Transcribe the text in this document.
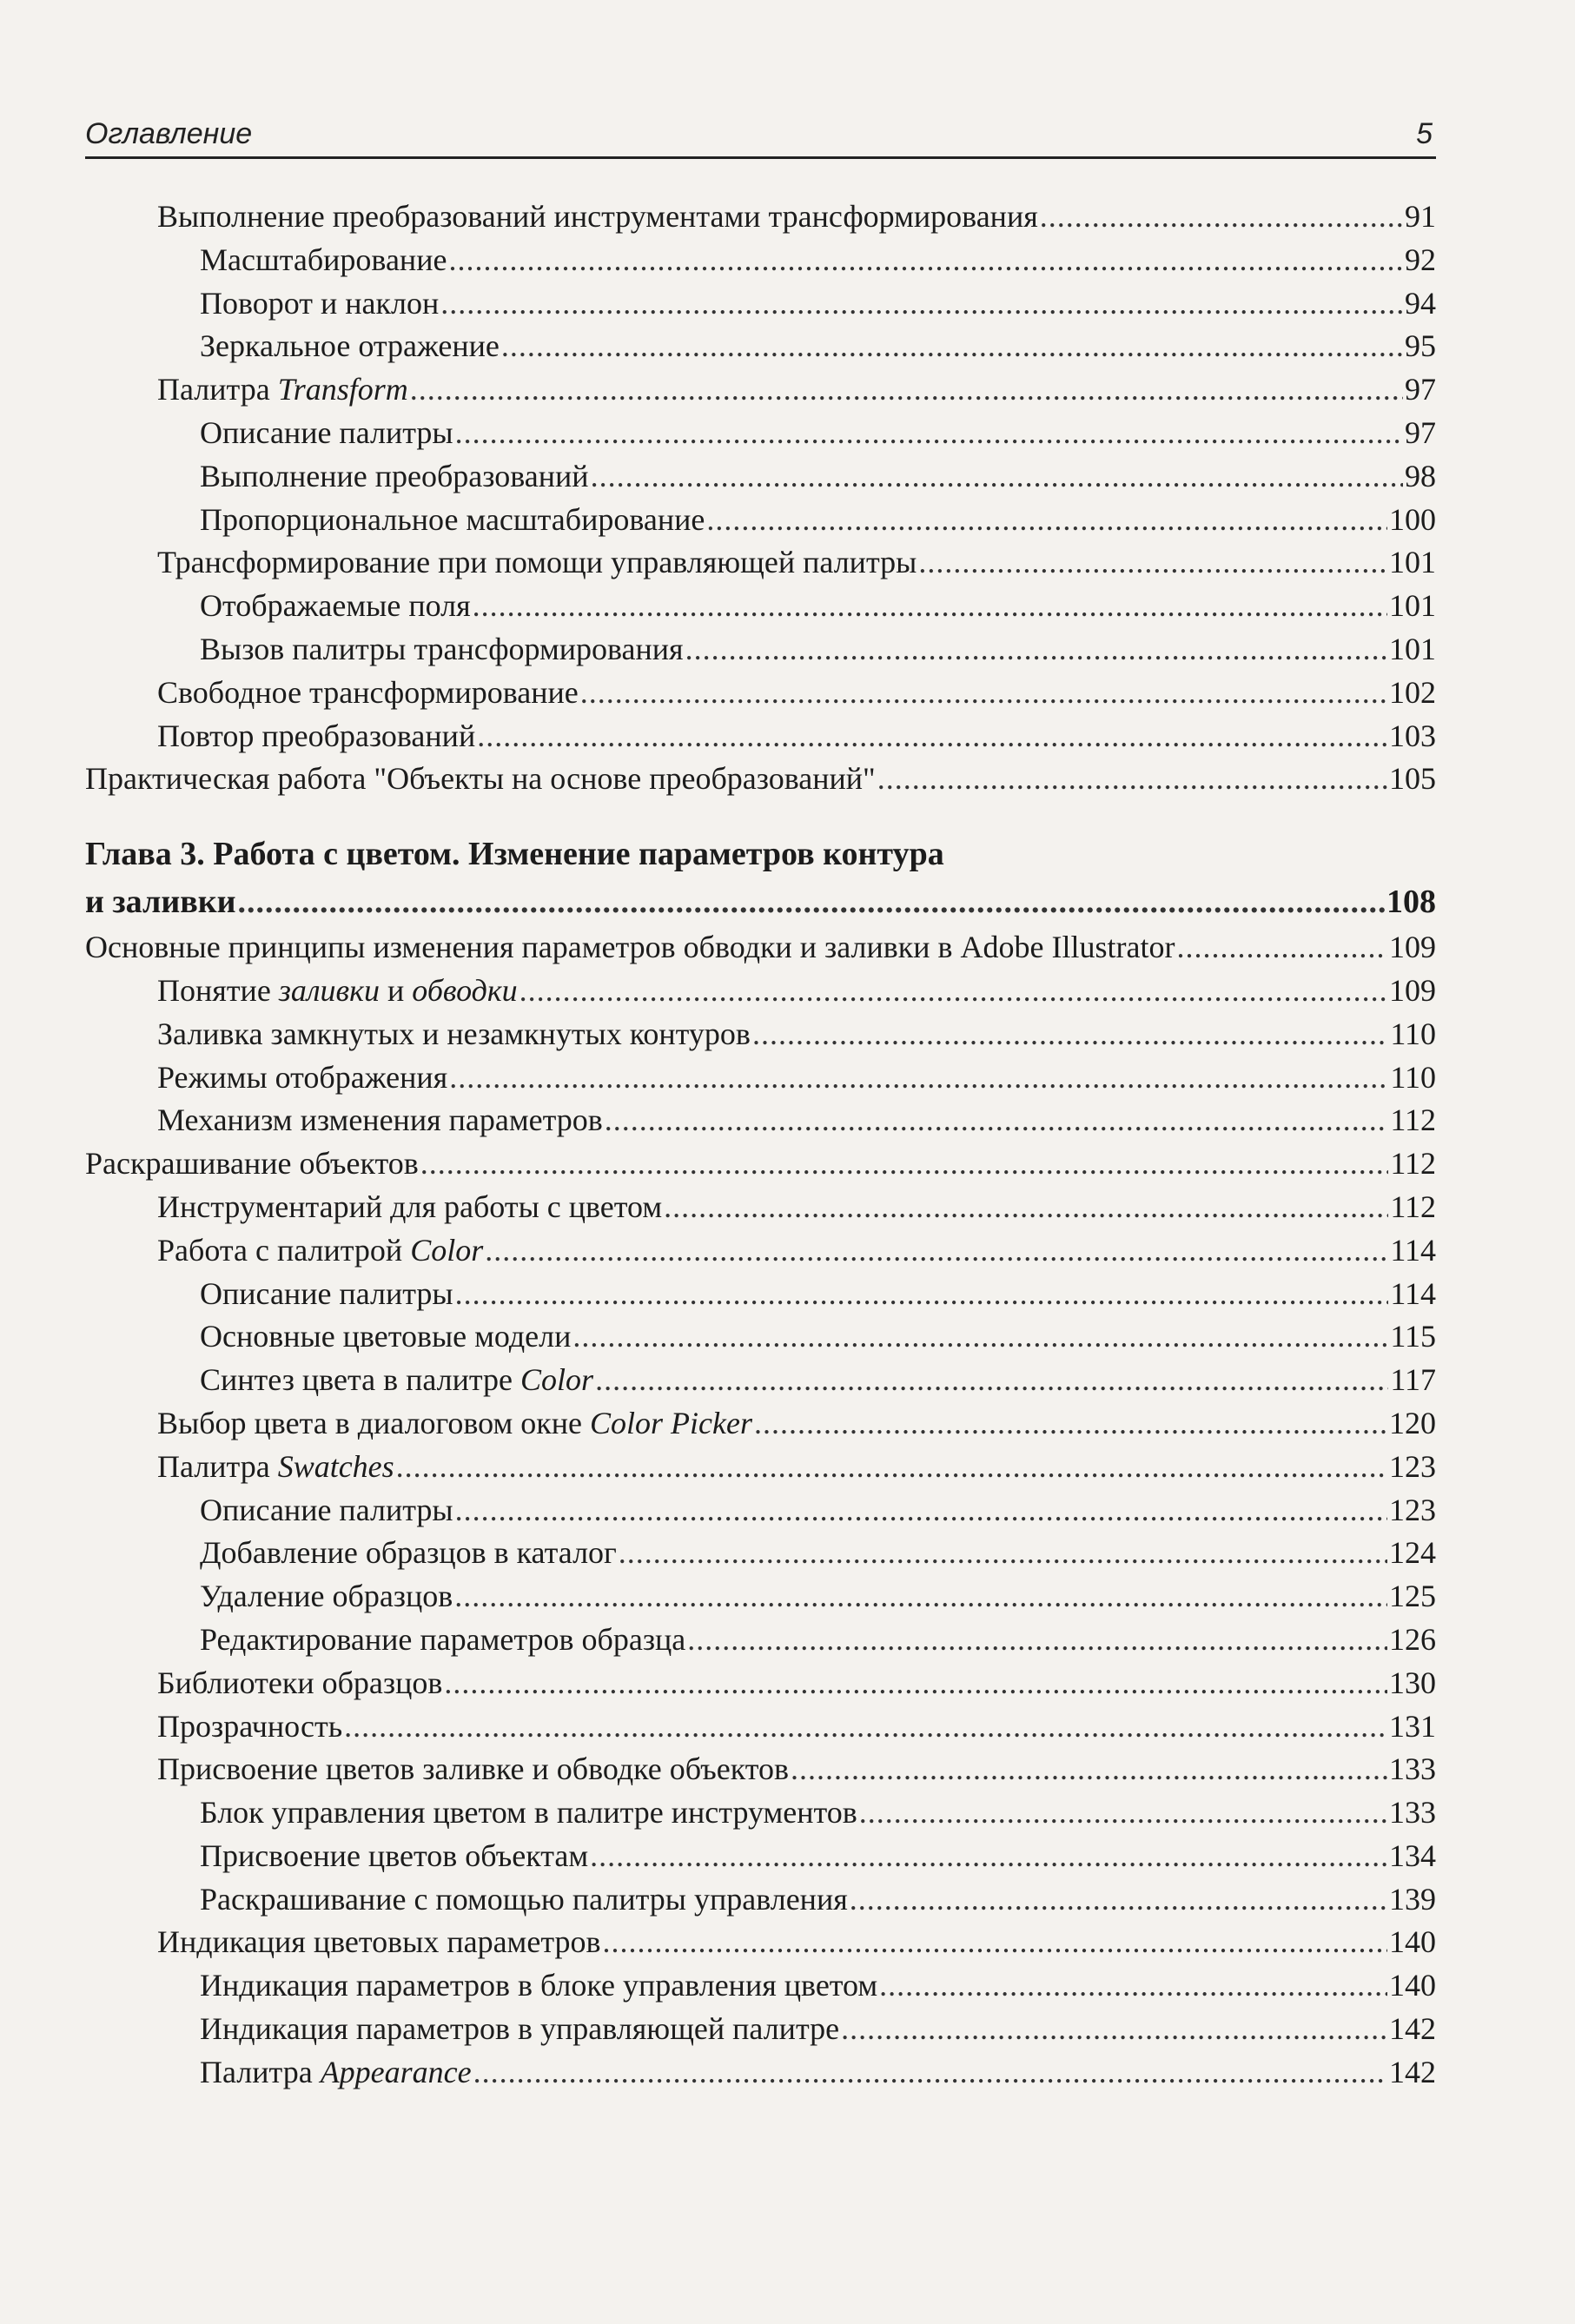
Оглавление	5
Выполнение преобразований инструментами трансформирования .....	91
Масштабирование .....	92
Поворот и наклон .....	94
Зеркальное отражение .....	95
Палитра Transform .....	97
Описание палитры .....	97
Выполнение преобразований .....	98
Пропорциональное масштабирование .....	100
Трансформирование при помощи управляющей палитры .....	101
Отображаемые поля .....	101
Вызов палитры трансформирования .....	101
Свободное трансформирование .....	102
Повтор преобразований .....	103
Практическая работа "Объекты на основе преобразований" .....	105
Глава 3. Работа с цветом. Изменение параметров контура
и заливки .....	108
Основные принципы изменения параметров обводки и заливки в Adobe Illustrator .....	109
Понятие заливки и обводки .....	109
Заливка замкнутых и незамкнутых контуров .....	110
Режимы отображения .....	110
Механизм изменения параметров .....	112
Раскрашивание объектов .....	112
Инструментарий для работы с цветом .....	112
Работа с палитрой Color .....	114
Описание палитры .....	114
Основные цветовые модели .....	115
Синтез цвета в палитре Color .....	117
Выбор цвета в диалоговом окне Color Picker .....	120
Палитра Swatches .....	123
Описание палитры .....	123
Добавление образцов в каталог .....	124
Удаление образцов .....	125
Редактирование параметров образца .....	126
Библиотеки образцов .....	130
Прозрачность .....	131
Присвоение цветов заливке и обводке объектов .....	133
Блок управления цветом в палитре инструментов .....	133
Присвоение цветов объектам .....	134
Раскрашивание с помощью палитры управления .....	139
Индикация цветовых параметров .....	140
Индикация параметров в блоке управления цветом .....	140
Индикация параметров в управляющей палитре .....	142
Палитра Appearance .....	142
